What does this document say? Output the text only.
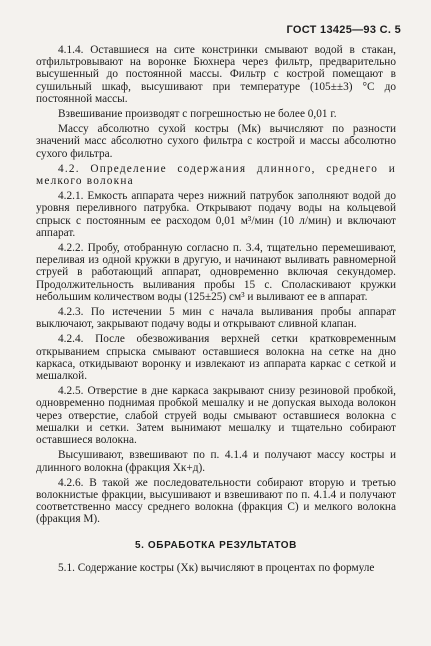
ГОСТ 13425—93 С. 5

4.1.4. Оставшиеся на сите констринки смывают водой в стакан, отфильтровывают на воронке Бюхнера через фильтр, предварительно высушенный до постоянной массы. Фильтр с кострой помещают в сушильный шкаф, высушивают при температуре (105±±3) °С до постоянной массы.

Взвешивание производят с погрешностью не более 0,01 г.

Массу абсолютно сухой костры (Мк) вычисляют по разности значений масс абсолютно сухого фильтра с кострой и массы абсолютно сухого фильтра.

4.2. Определение содержания длинного, среднего и мелкого волокна

4.2.1. Емкость аппарата через нижний патрубок заполняют водой до уровня переливного патрубка. Открывают подачу воды на кольцевой спрыск с постоянным ее расходом 0,01 м³/мин (10 л/мин) и включают аппарат.

4.2.2. Пробу, отобранную согласно п. 3.4, тщательно перемешивают, переливая из одной кружки в другую, и начинают выливать равномерной струей в работающий аппарат, одновременно включая секундомер. Продолжительность выливания пробы 15 с. Споласкивают кружки небольшим количеством воды (125±25) см³ и выливают ее в аппарат.

4.2.3. По истечении 5 мин с начала выливания пробы аппарат выключают, закрывают подачу воды и открывают сливной клапан.

4.2.4. После обезвоживания верхней сетки кратковременным открыванием спрыска смывают оставшиеся волокна на сетке на дно каркаса, откидывают воронку и извлекают из аппарата каркас с сеткой и мешалкой.

4.2.5. Отверстие в дне каркаса закрывают снизу резиновой пробкой, одновременно поднимая пробкой мешалку и не допуская выхода волокон через отверстие, слабой струей воды смывают оставшиеся волокна с мешалки и сетки. Затем вынимают мешалку и тщательно собирают оставшиеся волокна.

Высушивают, взвешивают по п. 4.1.4 и получают массу костры и длинного волокна (фракция Хк+д).

4.2.6. В такой же последовательности собирают вторую и третью волокнистые фракции, высушивают и взвешивают по п. 4.1.4 и получают соответственно массу среднего волокна (фракция С) и мелкого волокна (фракция М).

5. ОБРАБОТКА РЕЗУЛЬТАТОВ

5.1. Содержание костры (Хк) вычисляют в процентах по формуле
